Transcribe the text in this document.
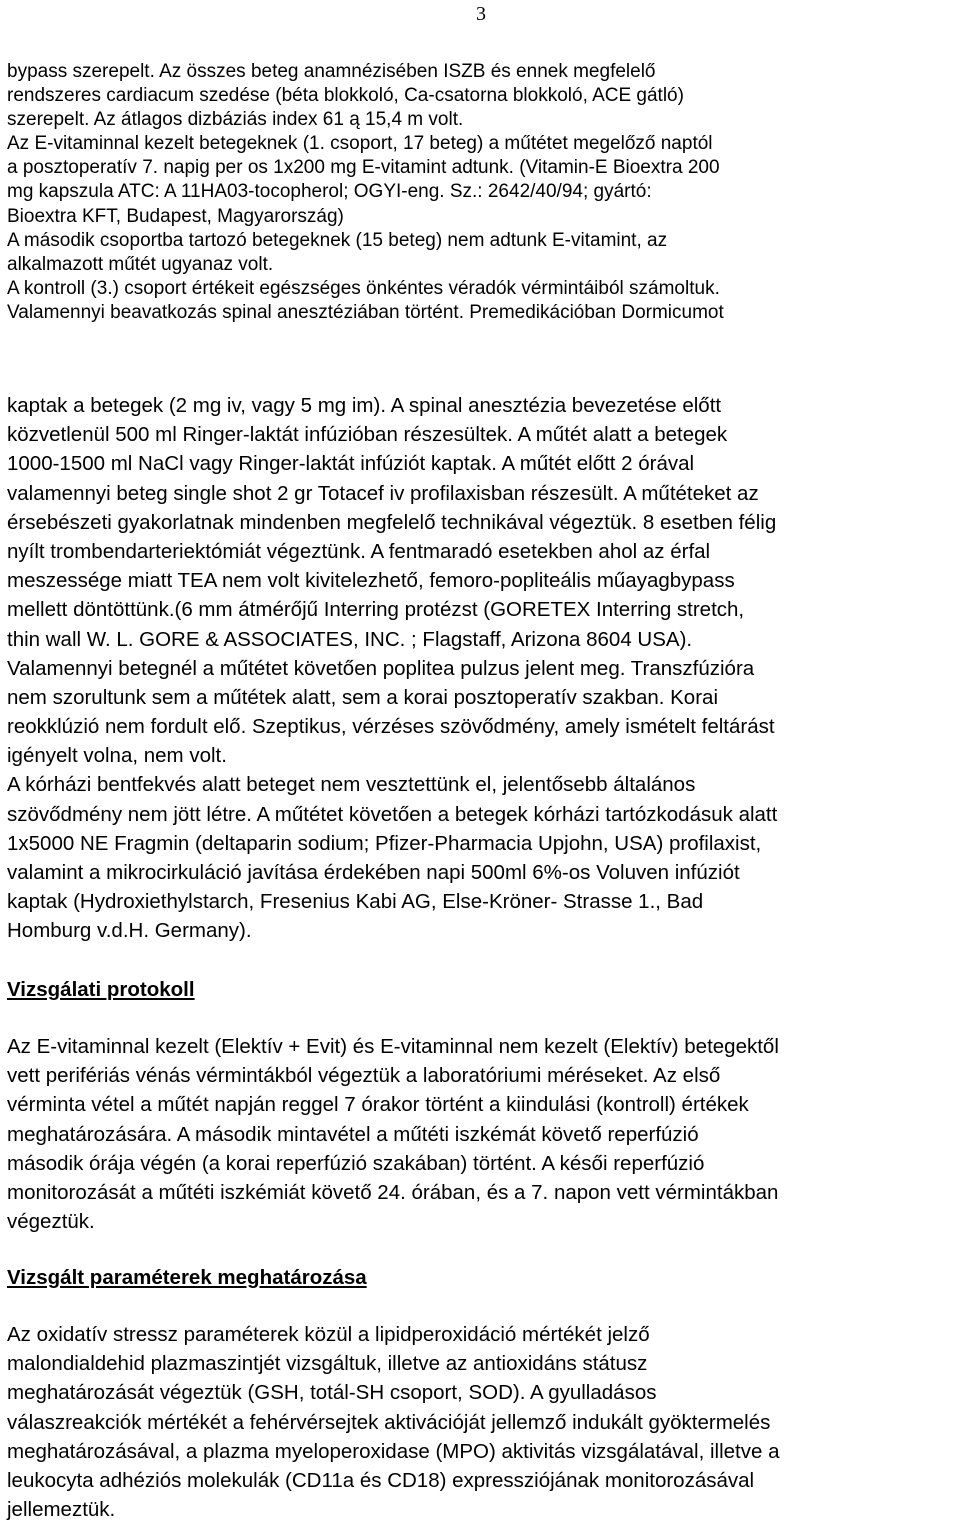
3
bypass szerepelt. Az összes beteg anamnézisében ISZB és ennek megfelelő
rendszeres cardiacum szedése (béta blokkoló, Ca-csatorna blokkoló, ACE gátló)
szerepelt. Az átlagos dizbáziás index 61 ą 15,4 m volt.
Az E-vitaminnal kezelt betegeknek (1. csoport, 17 beteg) a műtétet megelőző naptól
a posztoperatív 7. napig per os 1x200 mg E-vitamint adtunk. (Vitamin-E Bioextra 200
mg kapszula ATC: A 11HA03-tocopherol; OGYI-eng. Sz.: 2642/40/94; gyártó:
Bioextra KFT, Budapest, Magyarország)
A második csoportba tartozó betegeknek (15 beteg) nem adtunk E-vitamint, az
alkalmazott műtét ugyanaz volt.
A kontroll (3.) csoport értékeit egészséges önkéntes véradók vérmintáiból számoltuk.
Valamennyi beavatkozás spinal anesztéziában történt. Premedikációban Dormicumot
kaptak a betegek (2 mg iv, vagy 5 mg im). A spinal anesztézia bevezetése előtt
közvetlenül 500 ml Ringer-laktát infúzióban részesültek. A műtét alatt a betegek
1000-1500 ml NaCl vagy Ringer-laktát infúziót kaptak. A műtét előtt 2 órával
valamennyi beteg single shot 2 gr Totacef iv profilaxisban részesült. A műtéteket az
érsebészeti gyakorlatnak mindenben megfelelő technikával végeztük. 8 esetben félig
nyílt trombendarteriektómiát végeztünk. A fentmaradó esetekben ahol az érfal
meszessége miatt TEA nem volt kivitelezhető, femoro-popliteális műayagbypass
mellett döntöttünk.(6 mm átmérőjű Interring protézst (GORETEX Interring stretch,
thin wall W. L. GORE & ASSOCIATES, INC. ; Flagstaff, Arizona 8604 USA).
Valamennyi betegnél a műtétet követően poplitea pulzus jelent meg. Transzfúzióra
nem szorultunk sem a műtétek alatt, sem a korai posztoperatív szakban. Korai
reokklúzió nem fordult elő. Szeptikus, vérzéses szövődmény, amely ismételt feltárást
igényelt volna, nem volt.
A kórházi bentfekvés alatt beteget nem vesztettünk el, jelentősebb általános
szövődmény nem jött létre. A műtétet követően a betegek kórházi tartózkodásuk alatt
1x5000 NE Fragmin (deltaparin sodium; Pfizer-Pharmacia Upjohn, USA) profilaxist,
valamint a mikrocirkuláció javítása érdekében napi 500ml 6%-os Voluven infúziót
kaptak (Hydroxiethylstarch, Fresenius Kabi AG, Else-Kröner- Strasse 1., Bad
Homburg v.d.H. Germany).
Vizsgálati protokoll
Az E-vitaminnal kezelt (Elektív + Evit) és E-vitaminnal nem kezelt (Elektív) betegektől
vett perifériás vénás vérmintákból végeztük a laboratóriumi méréseket. Az első
vérminta vétel a műtét napján reggel 7 órakor történt a kiindulási (kontroll) értékek
meghatározására. A második mintavétel a műtéti iszkémát követő reperfúzió
második órája végén (a korai reperfúzió szakában) történt. A késői reperfúzió
monitorozását a műtéti iszkémiát követő 24. órában, és a 7. napon vett vérmintákban
végeztük.
Vizsgált paraméterek meghatározása
Az oxidatív stressz paraméterek közül a lipidperoxidáció mértékét jelző
malondialdehid plazmaszintjét vizsgáltuk, illetve az antioxidáns státusz
meghatározását végeztük (GSH, totál-SH csoport, SOD). A gyulladásos
válaszreakciók mértékét a fehérvérsejtek aktivációját jellemző indukált gyöktermelés
meghatározásával, a plazma myeloperoxidase (MPO) aktivitás vizsgálatával, illetve a
leukocyta adhéziós molekulák (CD11a és CD18) expressziójának monitorozásával
jellemeztük.
